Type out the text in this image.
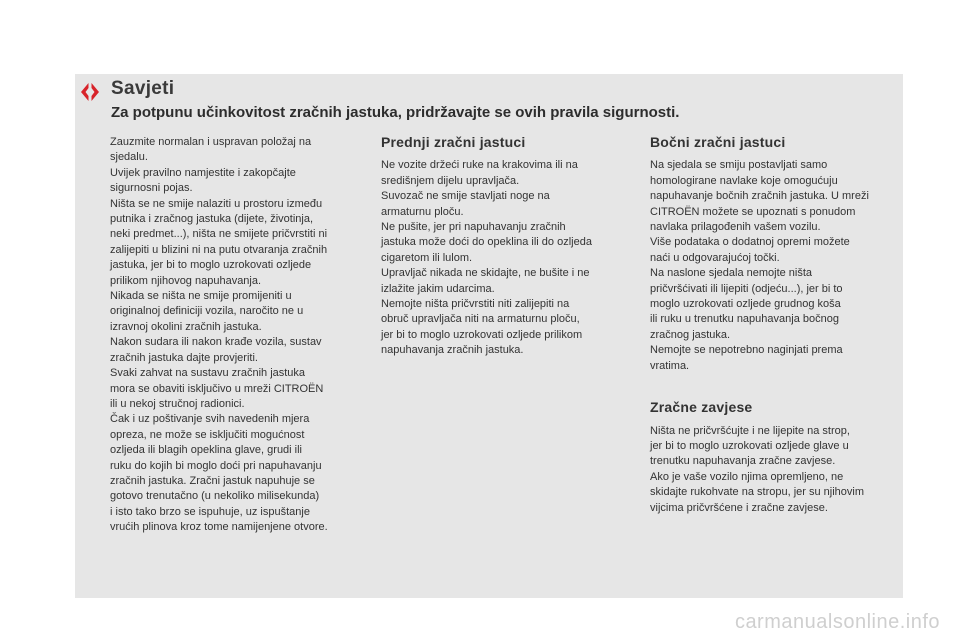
Savjeti
Za potpunu učinkovitost zračnih jastuka, pridržavajte se ovih pravila sigurnosti.

Zauzmite normalan i uspravan položaj na
sjedalu.
Uvijek pravilno namjestite i zakopčajte
sigurnosni pojas.
Ništa se ne smije nalaziti u prostoru između
putnika i zračnog jastuka (dijete, životinja,
neki predmet...), ništa ne smijete pričvrstiti ni
zalijepiti u blizini ni na putu otvaranja zračnih
jastuka, jer bi to moglo uzrokovati ozljede
prilikom njihovog napuhavanja.
Nikada se ništa ne smije promijeniti u
originalnoj definiciji vozila, naročito ne u
izravnoj okolini zračnih jastuka.
Nakon sudara ili nakon krađe vozila, sustav
zračnih jastuka dajte provjeriti.
Svaki zahvat na sustavu zračnih jastuka
mora se obaviti isključivo u mreži CITROËN
ili u nekoj stručnoj radionici.
Čak i uz poštivanje svih navedenih mjera
opreza, ne može se isključiti mogućnost
ozljeda ili blagih opeklina glave, grudi ili
ruku do kojih bi moglo doći pri napuhavanju
zračnih jastuka. Zračni jastuk napuhuje se
gotovo trenutačno (u nekoliko milisekunda)
i isto tako brzo se ispuhuje, uz ispuštanje
vrućih plinova kroz tome namijenjene otvore.

Prednji zračni jastuci

Ne vozite držeći ruke na krakovima ili na
središnjem dijelu upravljača.
Suvozač ne smije stavljati noge na
armaturnu ploču.
Ne pušite, jer pri napuhavanju zračnih
jastuka može doći do opeklina ili do ozljeda
cigaretom ili lulom.
Upravljač nikada ne skidajte, ne bušite i ne
izlažite jakim udarcima.
Nemojte ništa pričvrstiti niti zalijepiti na
obruč upravljača niti na armaturnu ploču,
jer bi to moglo uzrokovati ozljede prilikom
napuhavanja zračnih jastuka.

Bočni zračni jastuci

Na sjedala se smiju postavljati samo
homologirane navlake koje omogućuju
napuhavanje bočnih zračnih jastuka. U mreži
CITROËN možete se upoznati s ponudom
navlaka prilagođenih vašem vozilu.
Više podataka o dodatnoj opremi možete
naći u odgovarajućoj točki.
Na naslone sjedala nemojte ništa
pričvršćivati ili lijepiti (odjeću...), jer bi to
moglo uzrokovati ozljede grudnog koša
ili ruku u trenutku napuhavanja bočnog
zračnog jastuka.
Nemojte se nepotrebno naginjati prema
vratima.

Zračne zavjese

Ništa ne pričvršćujte i ne lijepite na strop,
jer bi to moglo uzrokovati ozljede glave u
trenutku napuhavanja zračne zavjese.
Ako je vaše vozilo njima opremljeno, ne
skidajte rukohvate na stropu, jer su njihovim
vijcima pričvršćene i zračne zavjese.

carmanualsonline.info
